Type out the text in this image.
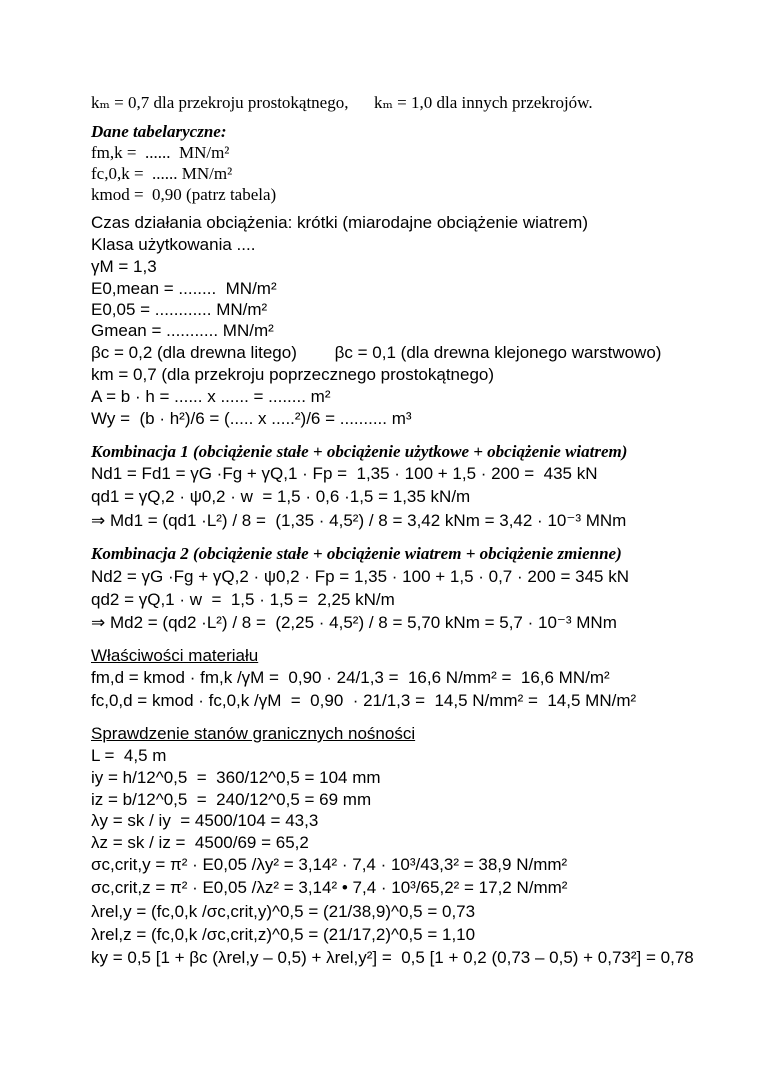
kₘ = 0,7 dla przekroju prostokątnego,      kₘ = 1,0 dla innych przekrojów.
Dane tabelaryczne:
fm,k =  ......  MN/m²
fc,0,k =  ...... MN/m²
kmod =  0,90 (patrz tabela)
Czas działania obciążenia: krótki (miarodajne obciążenie wiatrem)
Klasa użytkowania ....
γM = 1,3
E0,mean = ........  MN/m²
E0,05 = ............ MN/m²
Gmean = ........... MN/m²
βc = 0,2 (dla drewna litego)        βc = 0,1 (dla drewna klejonego warstwowo)
km = 0,7 (dla przekroju poprzecznego prostokątnego)
A = b · h = ...... x ...... = ........ m²
Wy =  (b · h²)/6 = (..... x .....²)/6 = .......... m³
Kombinacja 1 (obciążenie stałe + obciążenie użytkowe + obciążenie wiatrem)
Nd1 = Fd1 = γG ·Fg + γQ,1 · Fp =  1,35 · 100 + 1,5 · 200 =  435 kN
qd1 = γQ,2 · ψ0,2 · w  = 1,5 · 0,6 ·1,5 = 1,35 kN/m
⇒ Md1 = (qd1 ·L²) / 8 =  (1,35 · 4,5²) / 8 = 3,42 kNm = 3,42 · 10⁻³ MNm
Kombinacja 2 (obciążenie stałe + obciążenie wiatrem + obciążenie zmienne)
Nd2 = γG ·Fg + γQ,2 · ψ0,2 · Fp = 1,35 · 100 + 1,5 · 0,7 · 200 = 345 kN
qd2 = γQ,1 · w  =  1,5 · 1,5 =  2,25 kN/m
⇒ Md2 = (qd2 ·L²) / 8 =  (2,25 · 4,5²) / 8 = 5,70 kNm = 5,7 · 10⁻³ MNm
Właściwości materiału
fm,d = kmod · fm,k /γM =  0,90 · 24/1,3 =  16,6 N/mm² =  16,6 MN/m²
fc,0,d = kmod · fc,0,k /γM  =  0,90  · 21/1,3 =  14,5 N/mm² =  14,5 MN/m²
Sprawdzenie stanów granicznych nośności
L =  4,5 m
iy = h/12^0,5  =  360/12^0,5 = 104 mm
iz = b/12^0,5  =  240/12^0,5 = 69 mm
λy = sk / iy  = 4500/104 = 43,3
λz = sk / iz =  4500/69 = 65,2
σc,crit,y = π² · E0,05 /λy² = 3,14² · 7,4 · 10³/43,3² = 38,9 N/mm²
σc,crit,z = π² · E0,05 /λz² = 3,14² • 7,4 · 10³/65,2² = 17,2 N/mm²
λrel,y = (fc,0,k /σc,crit,y)^0,5 = (21/38,9)^0,5 = 0,73
λrel,z = (fc,0,k /σc,crit,z)^0,5 = (21/17,2)^0,5 = 1,10
ky = 0,5 [1 + βc (λrel,y – 0,5) + λrel,y²] =  0,5 [1 + 0,2 (0,73 – 0,5) + 0,73²] = 0,78
